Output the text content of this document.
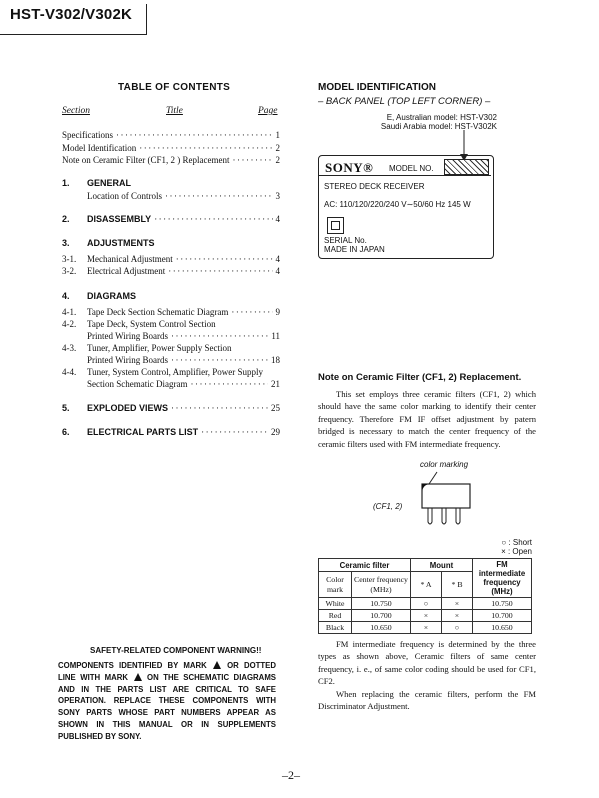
HST-V302/V302K
TABLE OF CONTENTS
Section	Title	Page
Specifications ·····	1
Model Identification ·····	2
Note on Ceramic Filter (CF1, 2 ) Replacement ·····	2
1.	GENERAL
Location of Controls ·····	3
2.	DISASSEMBLY ·····	4
3.	ADJUSTMENTS
3-1.	Mechanical Adjustment ·····	4
3-2.	Electrical Adjustment ·····	4
4.	DIAGRAMS
4-1.	Tape Deck Section Schematic Diagram ·····	9
4-2.	Tape Deck, System Control Section
Printed Wiring Boards ·····	11
4-3.	Tuner, Amplifier, Power Supply Section
Printed Wiring Boards ·····	18
4-4.	Tuner, System Control, Amplifier, Power Supply
Section Schematic Diagram ·····	21
5.	EXPLODED VIEWS ·····	25
6.	ELECTRICAL PARTS LIST ·····	29
MODEL IDENTIFICATION
– BACK PANEL (TOP LEFT CORNER) –
E, Australian model: HST-V302
Saudi Arabia model: HST-V302K
SONY® MODEL NO.
STEREO DECK RECEIVER
AC: 110/120/220/240 V∼50/60 Hz 145 W
SERIAL No.
MADE IN JAPAN
Note on Ceramic Filter (CF1, 2) Replacement.

This set employs three ceramic filters (CF1, 2) which should have the same color marking to identify their center frequency. Therefore FM IF offset adjustment by patern bridged is necessary to match the center frequency of the ceramic filters used with FM intermediate frequency.

color marking
(CF1, 2)
○ : Short
× : Open
Ceramic filter		Mount		FM intermediate frequency (MHz)
Color mark	Center frequency (MHz)	* A	* B	
White	10.750	○	×	10.750
Red	10.700	×	×	10.700
Black	10.650	×	○	10.650

FM intermediate frequency is determined by the three types as shown above, Ceramic filters of same center frequency, i. e., of same color coding should be used for CF1, CF2.

When replacing the ceramic filters, perform the FM Discriminator Adjustment.

SAFETY-RELATED COMPONENT WARNING!!
COMPONENTS IDENTIFIED BY MARK	OR DOTTED LINE WITH MARK ON THE SCHEMATIC DIAGRAMS AND IN THE PARTS LIST ARE CRITICAL TO SAFE OPERATION. REPLACE THESE COMPONENTS WITH SONY PARTS WHOSE PART NUMBERS APPEAR AS SHOWN IN THIS MANUAL OR IN SUPPLEMENTS PUBLISHED BY SONY.
–2–
